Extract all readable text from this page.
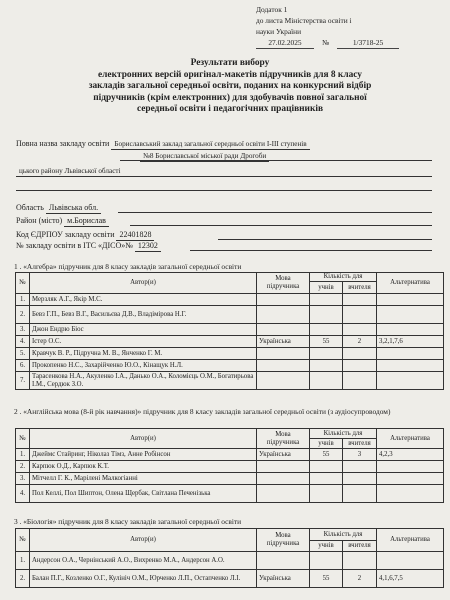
Додаток 1
до листа Міністерства освіти і
науки України
27.02.2025	№	1/3718-25
Результати вибору
електронних версій оригінал-макетів підручників для 8 класу
закладів загальної середньої освіти, поданих на конкурсний відбір
підручників (крім електронних) для здобувачів повної загальної
середньої освіти і педагогічних працівників
Повна назва закладу освіти Бориславський заклад загальної середньої освіти І-ІІІ ступенів
№8 Бориславської міської ради Дрогоби
цького району Львівської області
Область Львівська обл.
Район (місто) м.Борислав
Код ЄДРПОУ закладу освіти 22401828
№ закладу освіти в ІТС «ДІСО»№ 12302
1 . «Алгебра» підручник для 8 класу закладів загальної середньої освіти
№	Автор(и)	Мова підручника	Кількість для		Альтернатива
			учнів	вчителя	
1.	Мерзляк А.Г., Якір М.С.				
2.	Бевз Г.П., Бевз В.Г., Васильєва Д.В., Владімірова Н.Г.				
3.	Джон Ендрю Біос				
4.	Істер О.С.	Українська	55	2	3,2,1,7,6
5.	Кравчук В. Р., Підручна М. В., Янченко Г. М.				
6.	Прокопенко Н.С., Захарійченко Ю.О., Кінащук Н.Л.				
7.	Тарасенкова Н.А., Акуленко І.А., Данько О.А., Коломієць О.М., Богатирьова І.М., Сердюк З.О.				
2 . «Англійська мова (8-й рік навчання)» підручник для 8 класу закладів загальної середньої освіти (з аудіосупроводом)
№	Автор(и)	Мова підручника	Кількість для		Альтернатива
			учнів	вчителя	
1.	Джеймс Стайринг, Ніколаз Тімз, Анне Робінсон	Українська	55	3	4,2,3
2.	Карпюк О.Д., Карпюк К.Т.				
3.	Мітчелл Г. К., Марілені Малкогіанні				
4.	Пол Келлі, Пол Шиптон, Олена Щербак, Світлана Печенізька				
3 . «Біологія» підручник для 8 класу закладів загальної середньої освіти
№	Автор(и)	Мова підручника	Кількість для		Альтернатива
			учнів	вчителя	
1.	Андерсон О.А., Чернінський А.О., Вихренко М.А., Андерсон А.О.				
2.	Балан П.Г., Козленко О.Г., Кулініч О.М., Юрченко Л.П., Остапченко Л.І.	Українська	55	2	4,1,6,7,5
